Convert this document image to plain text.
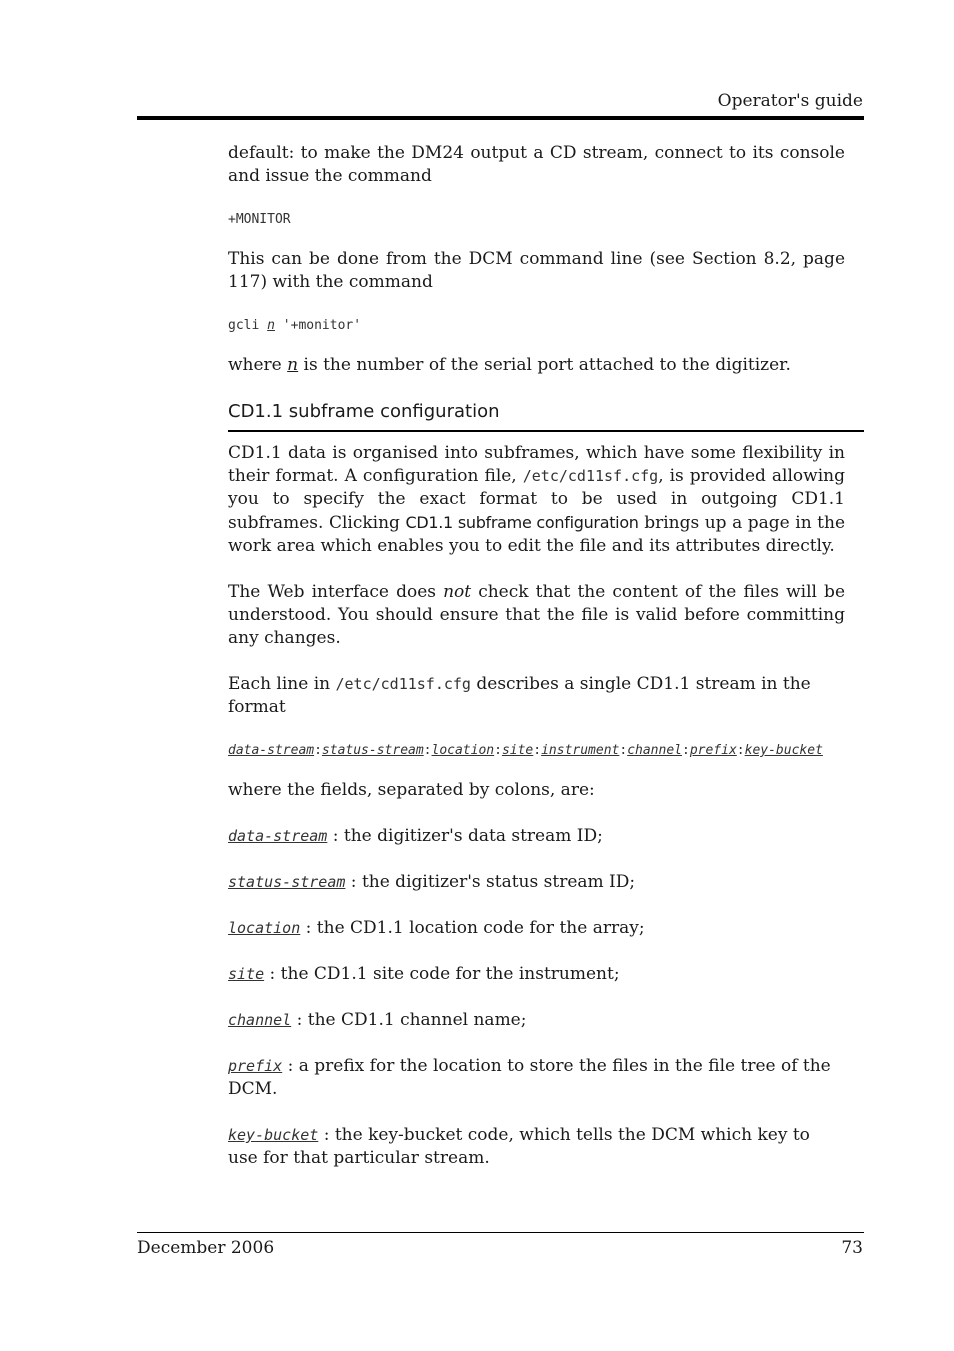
Operator's guide

default: to make the DM24 output a CD stream, connect to its console and issue the command

+MONITOR

This can be done from the DCM command line (see Section 8.2, page 117) with the command

gcli n '+monitor'

where n is the number of the serial port attached to the digitizer.

CD1.1 subframe configuration

CD1.1 data is organised into subframes, which have some flexibility in their format. A configuration file, /etc/cd11sf.cfg, is provided allowing you to specify the exact format to be used in outgoing CD1.1 subframes. Clicking CD1.1 subframe configuration brings up a page in the work area which enables you to edit the file and its attributes directly.

The Web interface does not check that the content of the files will be understood. You should ensure that the file is valid before committing any changes.

Each line in /etc/cd11sf.cfg describes a single CD1.1 stream in the format

data-stream:status-stream:location:site:instrument:channel:prefix:key-bucket

where the fields, separated by colons, are:

data-stream : the digitizer's data stream ID;

status-stream : the digitizer's status stream ID;

location : the CD1.1 location code for the array;

site : the CD1.1 site code for the instrument;

channel : the CD1.1 channel name;

prefix : a prefix for the location to store the files in the file tree of the DCM.

key-bucket : the key-bucket code, which tells the DCM which key to use for that particular stream.

December 2006	73
